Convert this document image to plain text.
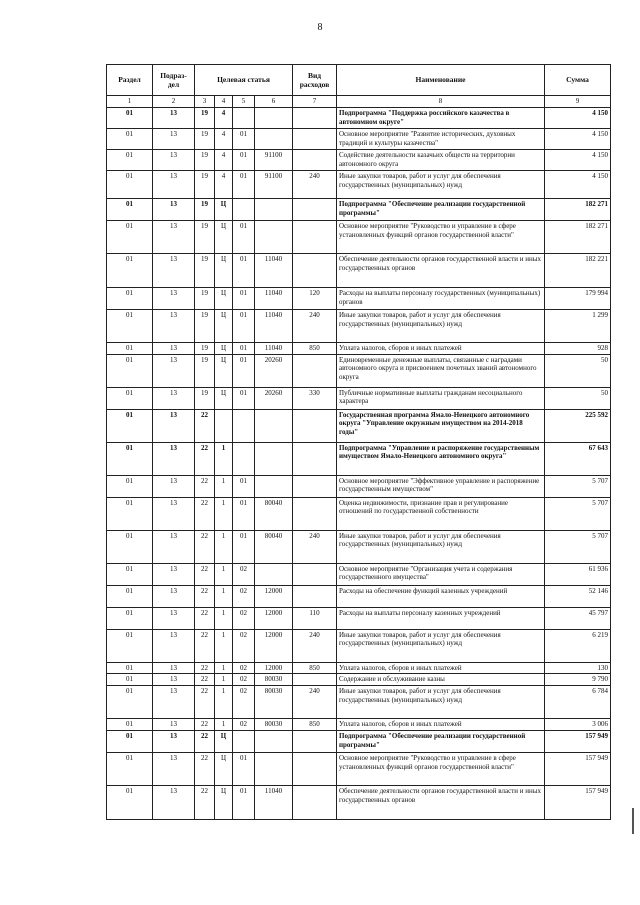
8
Раздел	Подраз-дел	Целевая статья				Вид расходов	Наименование	Сумма
1	2	3	4	5	6	7	8	9
01	13	19	4				Подпрограмма "Поддержка российского казачества в автономном округе"	4 150
01	13	19	4	01			Основное мероприятие "Развитие исторических, духовных традиций и культуры казачества"	4 150
01	13	19	4	01	91100		Содействие деятельности казачьих обществ на территории автономного округа	4 150
01	13	19	4	01	91100	240	Иные закупки товаров, работ и услуг для обеспечения государственных (муниципальных) нужд	4 150
01	13	19	Ц				Подпрограмма "Обеспечение реализации государственной программы"	182 271
01	13	19	Ц	01			Основное мероприятие "Руководство и управление в сфере установленных функций органов государственной власти"	182 271
01	13	19	Ц	01	11040		Обеспечение деятельности органов государственной власти и иных государственных органов	182 221
01	13	19	Ц	01	11040	120	Расходы на выплаты персоналу государственных (муниципальных) органов	179 994
01	13	19	Ц	01	11040	240	Иные закупки товаров, работ и услуг для обеспечения государственных (муниципальных) нужд	1 299
01	13	19	Ц	01	11040	850	Уплата налогов, сборов и иных платежей	928
01	13	19	Ц	01	20260		Единовременные денежные выплаты, связанные с наградами автономного округа и присвоением почетных званий автономного округа	50
01	13	19	Ц	01	20260	330	Публичные нормативные выплаты гражданам несоциального характера	50
01	13	22					Государственная программа Ямало-Ненецкого автономного округа "Управление окружным имуществом на 2014-2018 годы"	225 592
01	13	22	1				Подпрограмма "Управление и распоряжение государственным имуществом Ямало-Ненецкого автономного округа"	67 643
01	13	22	1	01			Основное мероприятие "Эффективное управление и распоряжение государственным имуществом"	5 707
01	13	22	1	01	80040		Оценка недвижимости, признание прав и регулирование отношений по государственной собственности	5 707
01	13	22	1	01	80040	240	Иные закупки товаров, работ и услуг для обеспечения государственных (муниципальных) нужд	5 707
01	13	22	1	02			Основное мероприятие "Организация учета и содержания государственного имущества"	61 936
01	13	22	1	02	12000		Расходы на обеспечение функций казенных учреждений	52 146
01	13	22	1	02	12000	110	Расходы на выплаты персоналу казенных учреждений	45 797
01	13	22	1	02	12000	240	Иные закупки товаров, работ и услуг для обеспечения государственных (муниципальных) нужд	6 219
01	13	22	1	02	12000	850	Уплата налогов, сборов и иных платежей	130
01	13	22	1	02	80030		Содержание и обслуживание казны	9 790
01	13	22	1	02	80030	240	Иные закупки товаров, работ и услуг для обеспечения государственных (муниципальных) нужд	6 784
01	13	22	1	02	80030	850	Уплата налогов, сборов и иных платежей	3 006
01	13	22	Ц				Подпрограмма "Обеспечение реализации государственной программы"	157 949
01	13	22	Ц	01			Основное мероприятие "Руководство и управление в сфере установленных функций органов государственной власти"	157 949
01	13	22	Ц	01	11040		Обеспечение деятельности органов государственной власти и иных государственных органов	157 949
